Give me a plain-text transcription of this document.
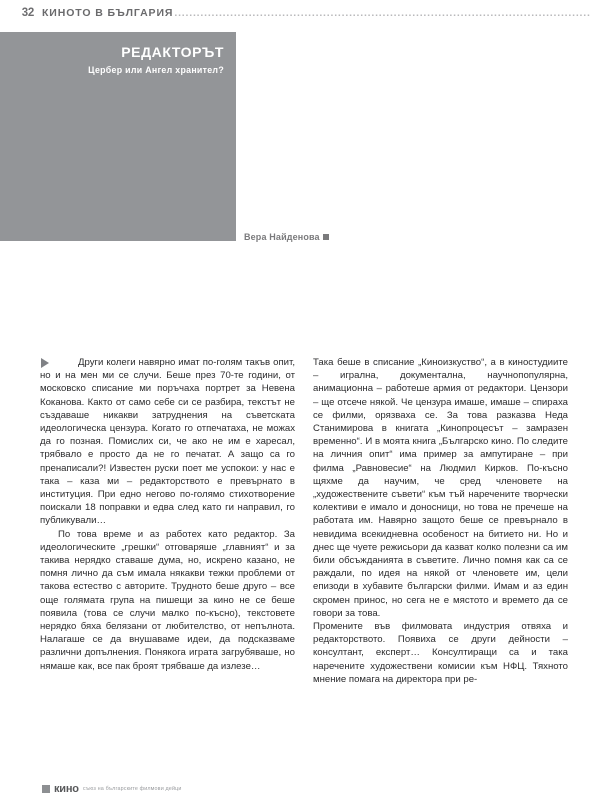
32 КИНОТО В БЪЛГАРИЯ ................................................................................................................
РЕДАКТОРЪТ
Цербер или Ангел хранител?
Вера Найденова

Други колеги навярно имат по-голям такъв опит, но и на мен ми се случи. Беше през 70-те години, от московско списание ми поръчаха портрет за Невена Коканова. Както от само себе си се разбира, текстът не създаваше никакви затруднения на съветската идеологическа цензура. Когато го отпечатаха, не можах да го позная. Помислих си, че ако не им е харесал, трябвало е просто да не го печатат. А защо са го пренаписали?! Известен руски поет ме успокои: у нас е така – каза ми – редакторството е превърнато в институция. При едно негово по-голямо стихотворение поискали 18 поправки и едва след като ги направил, го публикували…

По това време и аз работех като редактор. За идеологическите „грешки“ отговаряше „главният“ и за такива нерядко ставаше дума, но, искрено казано, не помня лично да съм имала някакви тежки проблеми от такова естество с авторите. Трудното беше друго – все още голямата група на пишещи за кино не се беше появила (това се случи малко по-късно), текстовете нерядко бяха белязани от любителство, от непълнота. Налагаше се да внушаваме идеи, да подсказваме различни допълнения. Понякога играта загрубяваше, но нямаше как, все пак броят трябваше да излезе…

Така беше в списание „Киноизкуство“, а в киностудиите – игрална, документална, научнопопулярна, анимационна – работеше армия от редактори. Цензори – ще отсече някой. Че цензура имаше, имаше – спираха се филми, орязваха се. За това разказва Неда Станимирова в книгата „Кинопроцесът – замразен временно“. И в моята книга „Българско кино. По следите на личния опит“ има пример за ампутиране – при филма „Равновесие“ на Людмил Кирков. По-късно щяхме да научим, че сред членовете на „художествените съвети“ към тъй наречените творчески колективи е имало и доносници, но това не пречеше на работата им. Навярно защото беше се превърнало в невидима всекидневна особеност на битието ни. Но и днес ще чуете режисьори да казват колко полезни са им били обсъжданията в съветите. Лично помня как са се раждали, по идея на някой от членовете им, цели епизоди в хубавите български филми. Имам и аз един скромен принос, но сега не е мястото и времето да се говори за това.

Промените във филмовата индустрия отвяха и редакторството. Появиха се други дейности – консултант, експерт… Консултиращи са и така нареченитe художествени комисии към НФЦ. Тяхното мнение помага на директора при ре-

кино съюз на българските филмови дейци
